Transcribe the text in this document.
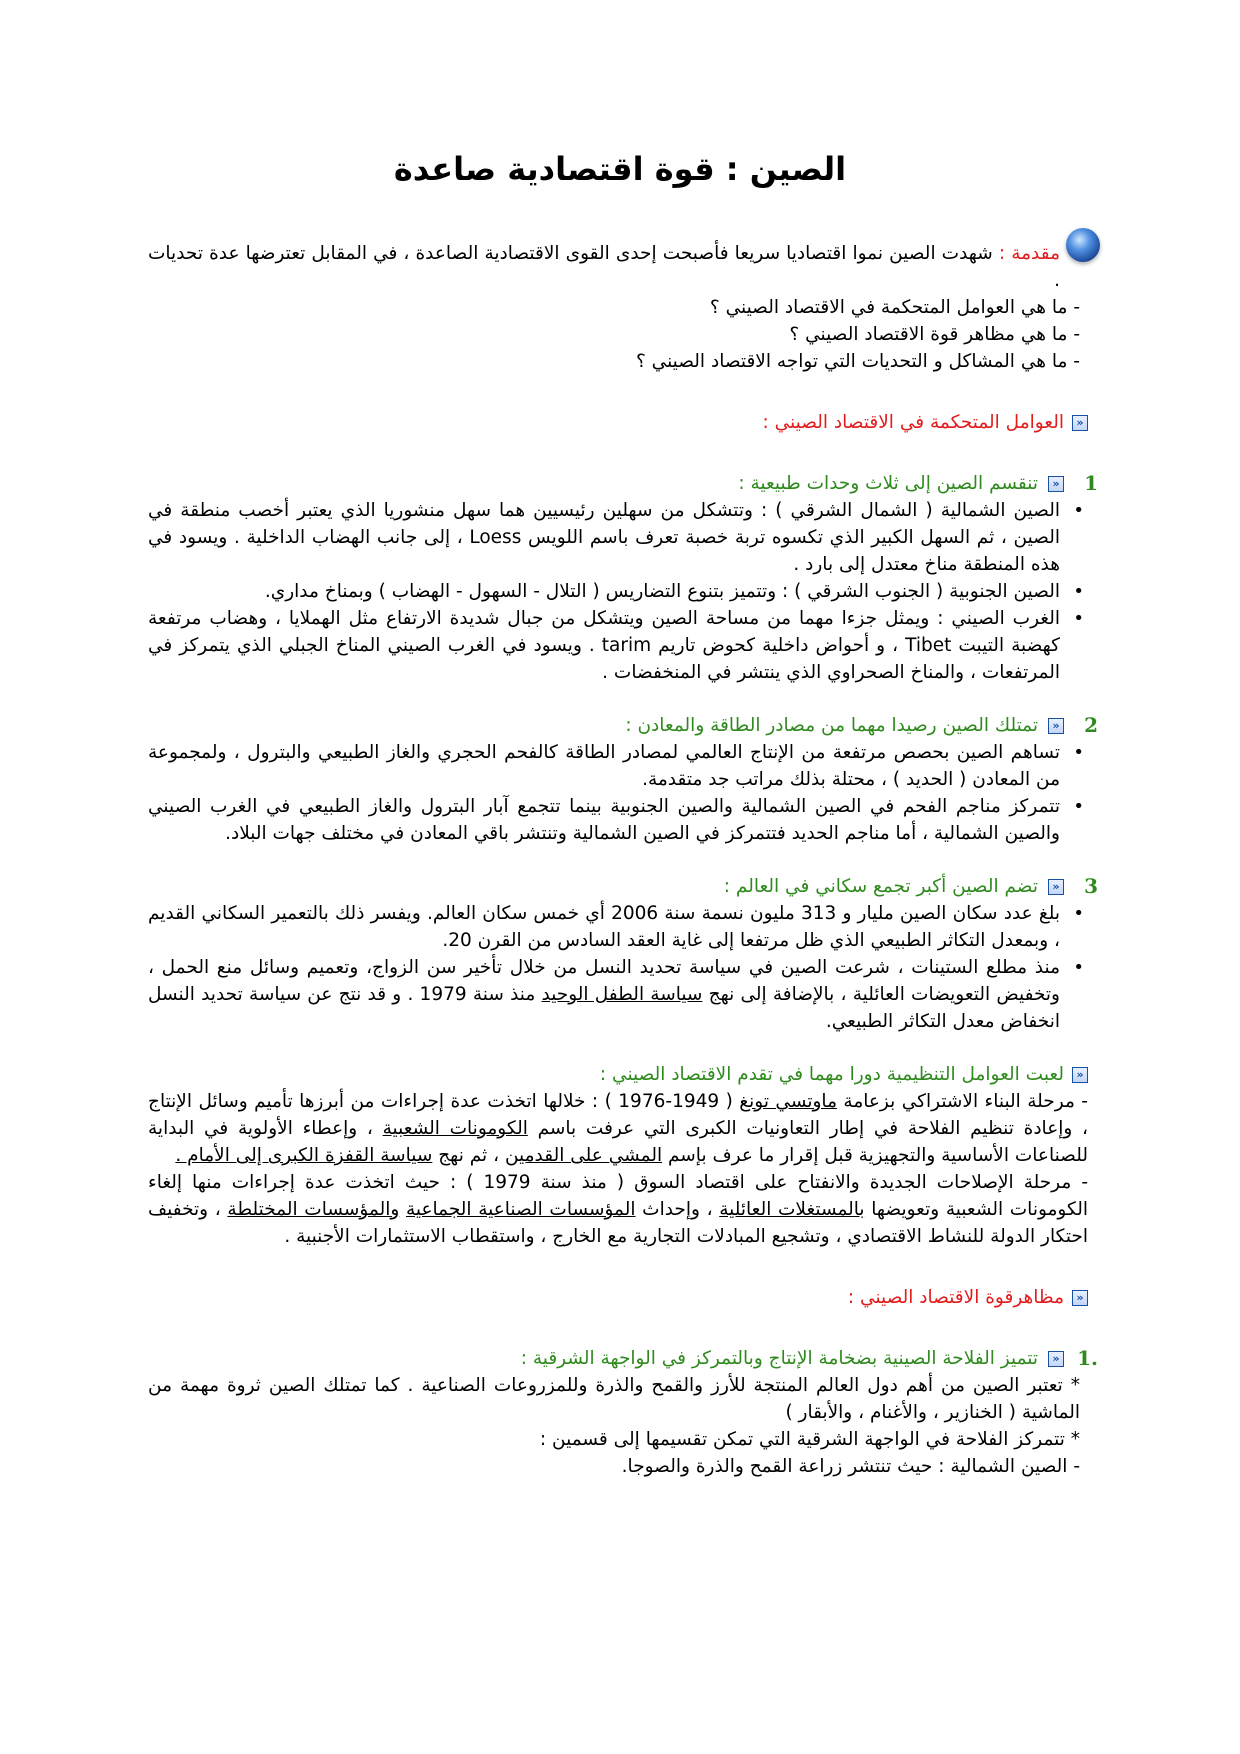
الصين : قوة اقتصادية صاعدة

مقدمة : شهدت الصين نموا اقتصاديا سريعا فأصبحت إحدى القوى الاقتصادية الصاعدة ، في المقابل تعترضها عدة تحديات .

- ما هي العوامل المتحكمة في الاقتصاد الصيني ؟
- ما هي مظاهر قوة الاقتصاد الصيني ؟
- ما هي المشاكل و التحديات التي تواجه الاقتصاد الصيني ؟
«
العوامل المتحكمة في الاقتصاد الصيني :
1
«
تنقسم الصين إلى ثلاث وحدات طبيعية :
• الصين الشمالية ( الشمال الشرقي ) : وتتشكل من سهلين رئيسيين هما سهل منشوريا الذي يعتبر أخصب منطقة في الصين ، ثم السهل الكبير الذي تكسوه تربة خصبة تعرف باسم اللويس Loess ، إلى جانب الهضاب الداخلية . ويسود في هذه المنطقة مناخ معتدل إلى بارد .
• الصين الجنوبية ( الجنوب الشرقي ) : وتتميز بتنوع التضاريس ( التلال - السهول - الهضاب ) وبمناخ مداري.
• الغرب الصيني : ويمثل جزءا مهما من مساحة الصين ويتشكل من جبال شديدة الارتفاع مثل الهملايا ، وهضاب مرتفعة كهضبة التيبت Tibet ، و أحواض داخلية كحوض تاريم tarim . ويسود في الغرب الصيني المناخ الجبلي الذي يتمركز في المرتفعات ، والمناخ الصحراوي الذي ينتشر في المنخفضات .
2
«
تمتلك الصين رصيدا مهما من مصادر الطاقة والمعادن :
• تساهم الصين بحصص مرتفعة من الإنتاج العالمي لمصادر الطاقة كالفحم الحجري والغاز الطبيعي والبترول ، ولمجموعة من المعادن ( الحديد ) ، محتلة بذلك مراتب جد متقدمة.
• تتمركز مناجم الفحم في الصين الشمالية والصين الجنوبية بينما تتجمع آبار البترول والغاز الطبيعي في الغرب الصيني والصين الشمالية ، أما مناجم الحديد فتتمركز في الصين الشمالية وتنتشر باقي المعادن في مختلف جهات البلاد.
3
«
تضم الصين أكبر تجمع سكاني في العالم :
• بلغ عدد سكان الصين مليار و 313 مليون نسمة سنة 2006 أي خمس سكان العالم. ويفسر ذلك بالتعمير السكاني القديم ، وبمعدل التكاثر الطبيعي الذي ظل مرتفعا إلى غاية العقد السادس من القرن 20.
• منذ مطلع الستينات ، شرعت الصين في سياسة تحديد النسل من خلال تأخير سن الزواج، وتعميم وسائل منع الحمل ، وتخفيض التعويضات العائلية ، بالإضافة إلى نهج سياسة الطفل الوحيد منذ سنة 1979 . و قد نتج عن سياسة تحديد النسل انخفاض معدل التكاثر الطبيعي.
«
لعبت العوامل التنظيمية دورا مهما في تقدم الاقتصاد الصيني :

- مرحلة البناء الاشتراكي بزعامة ماوتسي تونغ ( 1949-1976 ) : خلالها اتخذت عدة إجراءات من أبرزها تأميم وسائل الإنتاج ، وإعادة تنظيم الفلاحة في إطار التعاونيات الكبرى التي عرفت باسم الكومونات الشعبية ، وإعطاء الأولوية في البداية للصناعات الأساسية والتجهيزية قبل إقرار ما عرف بإسم المشي على القدمين ، ثم نهج سياسة القفزة الكبرى إلى الأمام .

- مرحلة الإصلاحات الجديدة والانفتاح على اقتصاد السوق ( منذ سنة 1979 ) : حيث اتخذت عدة إجراءات منها إلغاء الكومونات الشعبية وتعويضها بالمستغلات العائلية ، وإحداث المؤسسات الصناعية الجماعية والمؤسسات المختلطة ، وتخفيف احتكار الدولة للنشاط الاقتصادي ، وتشجيع المبادلات التجارية مع الخارج ، واستقطاب الاستثمارات الأجنبية .

«
مظاهرقوة الاقتصاد الصيني :
.1
«
تتميز الفلاحة الصينية بضخامة الإنتاج وبالتمركز في الواجهة الشرقية :
* تعتبر الصين من أهم دول العالم المنتجة للأرز والقمح والذرة وللمزروعات الصناعية . كما تمتلك الصين ثروة مهمة من الماشية ( الخنازير ، والأغنام ، والأبقار )
* تتمركز الفلاحة في الواجهة الشرقية التي تمكن تقسيمها إلى قسمين :
- الصين الشمالية : حيث تنتشر زراعة القمح والذرة والصوجا.
